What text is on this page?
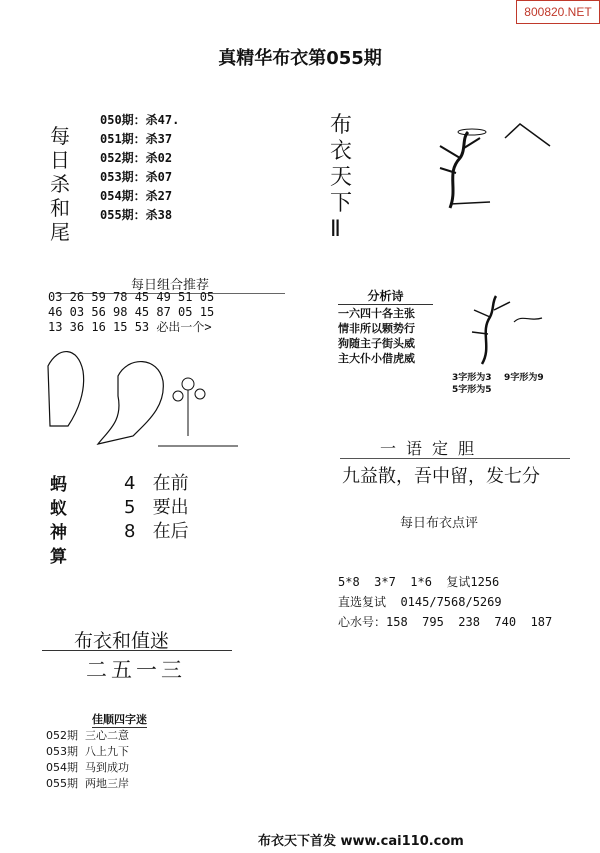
800820.NET
真精华布衣第055期
每
日
杀
和
尾
050期：杀47.
051期：杀37
052期：杀02
053期：杀07
054期：杀27
055期：杀38
布
衣
天
下
Ⅱ
每日组合推荐
03 26 59 78 45 49 51 05
46 03 56 98 45 87 05 15
13 36 16 15 53 必出一个>
分析诗
一六四十各主张
情非所以颗势行
狗随主子街头威
主大仆小借虎威
3字形为3    9字形为9
5字形为5
一语定胆
九益散，吾中留，发七分
每日布衣点评
5*8  3*7  1*6  复试1256
直选复试  0145/7568/5269
心水号：158  795  238  740  187
蚂
蚁
神
算
4   在前
5   要出
8   在后
布衣和值迷
二五一三
佳顺四字迷
052期  三心二意
053期  八上九下
054期  马到成功
055期  两地三岸
布衣天下首发 www.cai110.com
